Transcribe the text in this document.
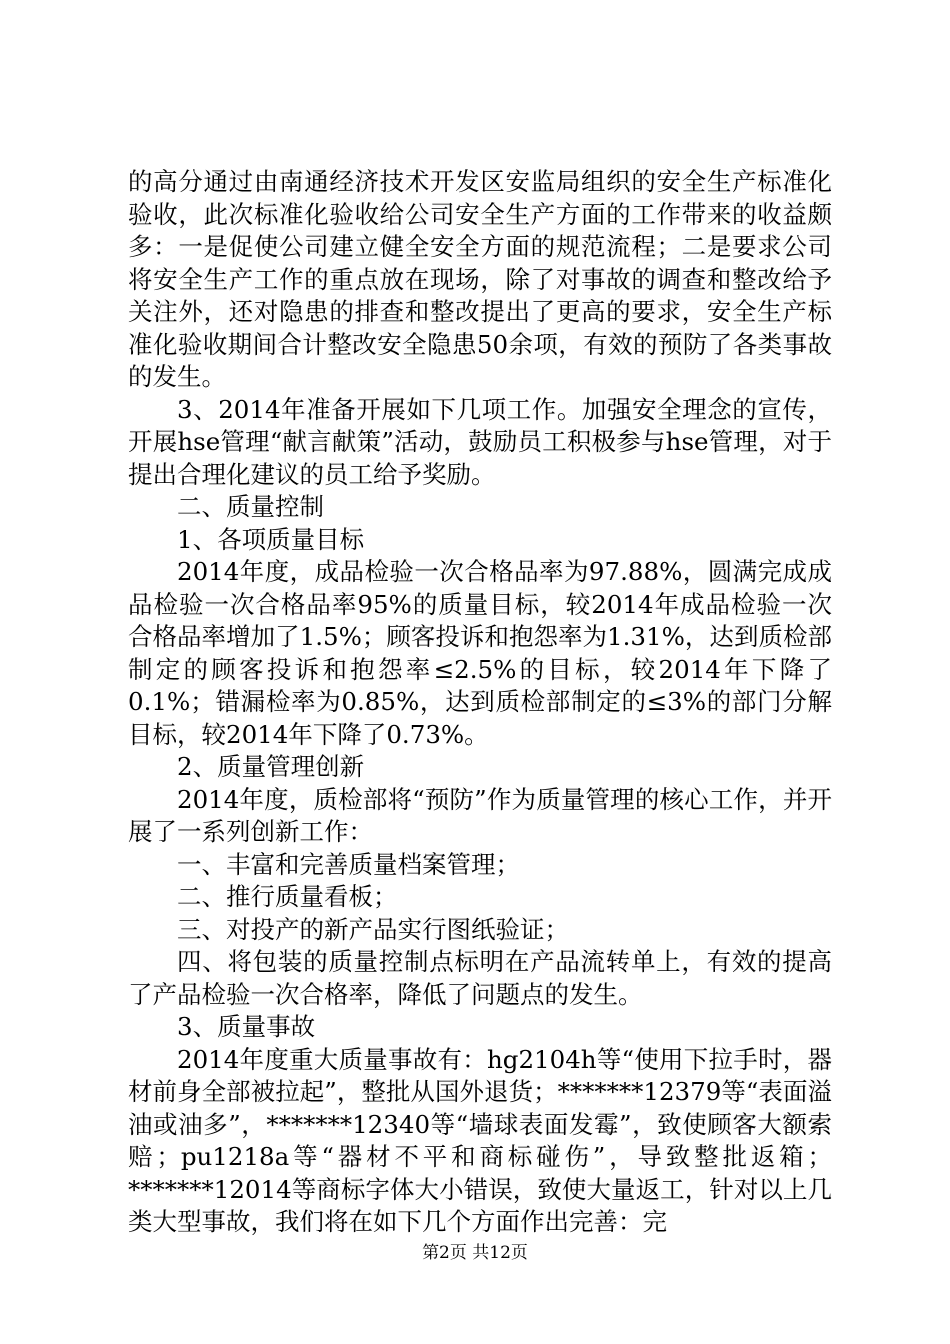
的高分通过由南通经济技术开发区安监局组织的安全生产标准化验收，此次标准化验收给公司安全生产方面的工作带来的收益颇多：一是促使公司建立健全安全方面的规范流程；二是要求公司将安全生产工作的重点放在现场，除了对事故的调查和整改给予关注外，还对隐患的排查和整改提出了更高的要求，安全生产标准化验收期间合计整改安全隐患50余项，有效的预防了各类事故的发生。

3、2014年准备开展如下几项工作。加强安全理念的宣传，开展hse管理“献言献策”活动，鼓励员工积极参与hse管理，对于提出合理化建议的员工给予奖励。

二、质量控制

1、各项质量目标

2014年度，成品检验一次合格品率为97.88%，圆满完成成品检验一次合格品率95%的质量目标，较2014年成品检验一次合格品率增加了1.5%；顾客投诉和抱怨率为1.31%，达到质检部制定的顾客投诉和抱怨率≤2.5%的目标，较2014年下降了0.1%；错漏检率为0.85%，达到质检部制定的≤3%的部门分解目标，较2014年下降了0.73%。

2、质量管理创新

2014年度，质检部将“预防”作为质量管理的核心工作，并开展了一系列创新工作：

一、丰富和完善质量档案管理；

二、推行质量看板；

三、对投产的新产品实行图纸验证；

四、将包装的质量控制点标明在产品流转单上，有效的提高了产品检验一次合格率，降低了问题点的发生。

3、质量事故

2014年度重大质量事故有：hg2104h等“使用下拉手时，器材前身全部被拉起”，整批从国外退货；*******12379等“表面溢油或油多”，*******12340等“墙球表面发霉”，致使顾客大额索赔；pu1218a等“器材不平和商标碰伤”，导致整批返箱；*******12014等商标字体大小错误，致使大量返工，针对以上几类大型事故，我们将在如下几个方面作出完善：完

第2页 共12页
